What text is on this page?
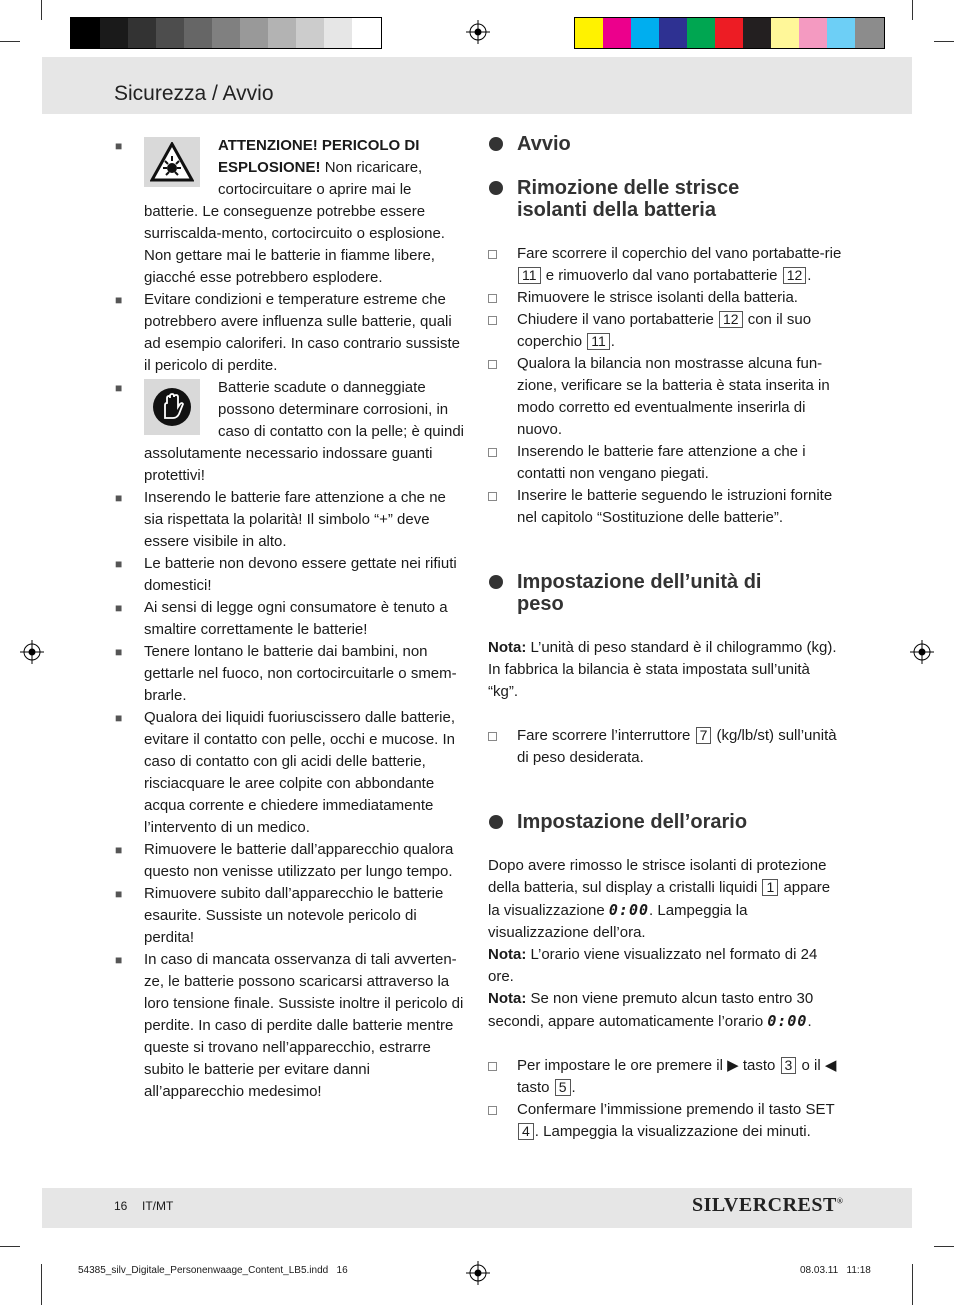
Sicurezza / Avvio
■	ATTENZIONE! PERICOLO DI ESPLOSIONE! Non ricaricare, cortocircuitare o aprire mai le batterie. Le conseguenze potrebbe essere surriscalda-mento, cortocircuito o esplosione. Non gettare mai le batterie in fiamme libere, giacché esse potrebbero esplodere.

■ Evitare condizioni e temperature estreme che potrebbero avere influenza sulle batterie, quali ad esempio caloriferi. In caso contrario sussiste il pericolo di perdite.

■	Batterie scadute o danneggiate possono determinare corrosioni, in caso di contatto con la pelle; è quindi assolutamente necessario indossare guanti protettivi!

■ Inserendo le batterie fare attenzione a che ne sia rispettata la polarità! Il simbolo “+” deve essere visibile in alto.

■ Le batterie non devono essere gettate nei rifiuti domestici!

■ Ai sensi di legge ogni consumatore è tenuto a smaltire correttamente le batterie!

■ Tenere lontano le batterie dai bambini, non gettarle nel fuoco, non cortocircuitarle o smem-brarle.

■ Qualora dei liquidi fuoriuscissero dalle batterie, evitare il contatto con pelle, occhi e mucose. In caso di contatto con gli acidi delle batterie, risciacquare le aree colpite con abbondante acqua corrente e chiedere immediatamente l’intervento di un medico.

■ Rimuovere le batterie dall’apparecchio qualora questo non venisse utilizzato per lungo tempo.

■ Rimuovere subito dall’apparecchio le batterie esaurite. Sussiste un notevole pericolo di perdita!

■ In caso di mancata osservanza di tali avverten-ze, le batterie possono scaricarsi attraverso la loro tensione finale. Sussiste inoltre il pericolo di perdite. In caso di perdite dalle batterie mentre queste si trovano nell’apparecchio, estrarre subito le batterie per evitare danni all’apparecchio medesimo!

Avvio
Rimozione delle strisce isolanti della batteria

Fare scorrere il coperchio del vano portabatte-rie 11 e rimuoverlo dal vano portabatterie 12 .

Rimuovere le strisce isolanti della batteria.

Chiudere il vano portabatterie 12 con il suo coperchio 11 .

Qualora la bilancia non mostrasse alcuna fun-zione, verificare se la batteria è stata inserita in modo corretto ed eventualmente inserirla di nuovo.

Inserendo le batterie fare attenzione a che i contatti non vengano piegati.

Inserire le batterie seguendo le istruzioni fornite nel capitolo “Sostituzione delle batterie”.

Impostazione dell’unità di peso

Nota: L’unità di peso standard è il chilogrammo (kg). In fabbrica la bilancia è stata impostata sull’unità “kg”.

Fare scorrere l’interruttore 7 (kg/lb/st) sull’unità di peso desiderata.

Impostazione dell’orario

Dopo avere rimosso le strisce isolanti di protezione della batteria, sul display a cristalli liquidi 1 appare la visualizzazione 0:00. Lampeggia la visualizzazione dell’ora.

Nota: L’orario viene visualizzato nel formato di 24 ore.

Nota: Se non viene premuto alcun tasto entro 30 secondi, appare automaticamente l’orario 0:00.

Per impostare le ore premere il ▶ tasto 3 o il ◀ tasto 5 .

Confermare l’immissione premendo il tasto SET 4 . Lampeggia la visualizzazione dei minuti.

16 IT/MT	SILVERCREST®
54385_silv_Digitale_Personenwaage_Content_LB5.indd 16	08.03.11 11:18
